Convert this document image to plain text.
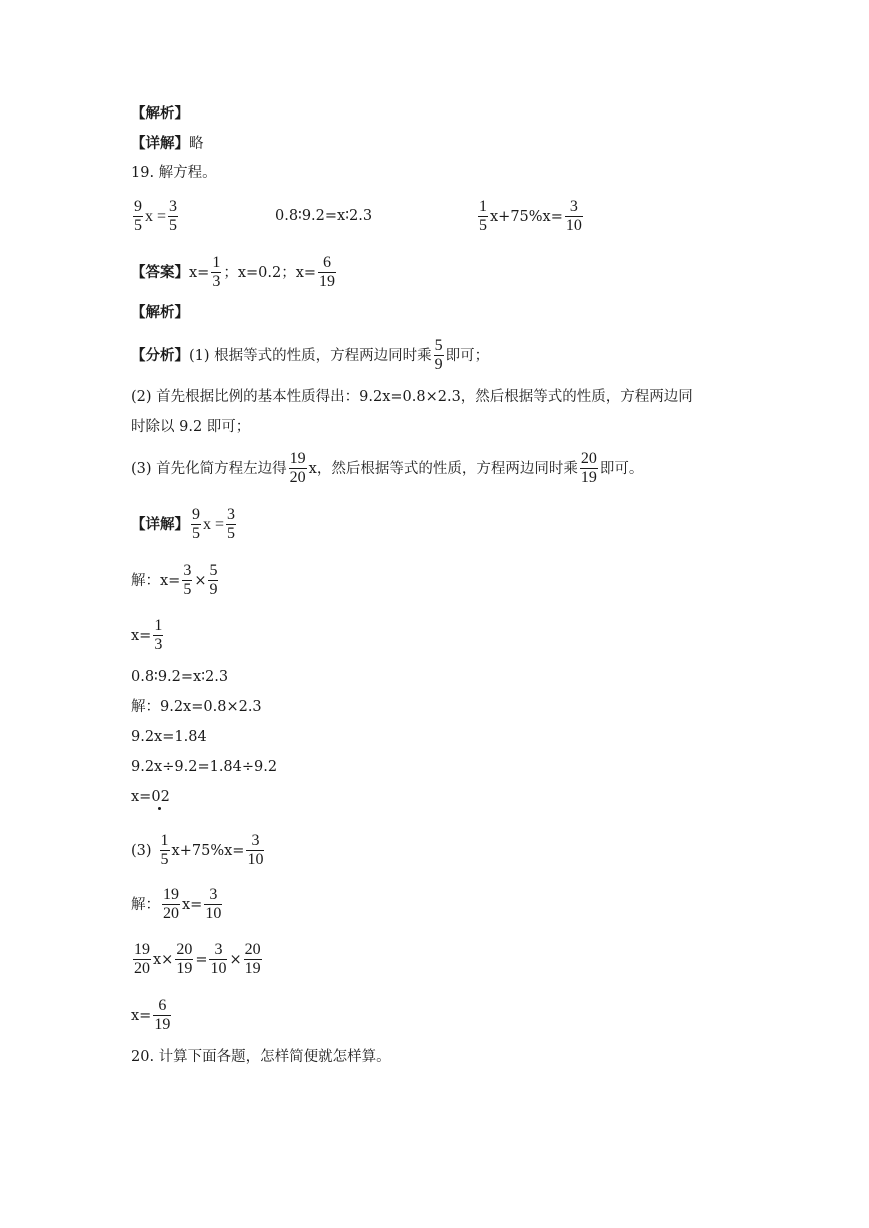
【解析】
【详解】 略
19. 解方程。
$\frac{9}{5}$ $x = \frac{3}{5}$	0.8∶9.2=x∶2.3	$\frac{1}{5} x+75\%x= \frac{3}{10}$
【答案】 $x= \frac{1}{3}$ ；x=0.2；$x= \frac{6}{19}$
【解析】
【分析】 (1) 根据等式的性质，方程两边同时乘 $\frac{5}{9}$ 即可；
(2) 首先根据比例的基本性质得出：9.2x=0.8×2.3，然后根据等式的性质，方程两边同
时除以 9.2 即可；
(3) 首先化简方程左边得 $\frac{19}{20}$ x，然后根据等式的性质，方程两边同时乘 $\frac{20}{19}$ 即可。
【详解】 $\frac{9}{5}$ $x = \frac{3}{5}$
解：$x= \frac{3}{5} \times \frac{5}{9}$
$x= \frac{1}{3}$
0.8∶9.2=x∶2.3
解：9.2x=0.8×2.3
9.2x=1.84
9.2x÷9.2=1.84÷9.2
x=0 2
$(3) \frac{1}{5} x+75\%x= \frac{3}{10}$
解： $\frac{19}{20} x= \frac{3}{10}$
$\frac{19}{20} x\times \frac{20}{19} = \frac{3}{10} \times \frac{20}{19}$
$x= \frac{6}{19}$
20. 计算下面各题，怎样简便就怎样算。
